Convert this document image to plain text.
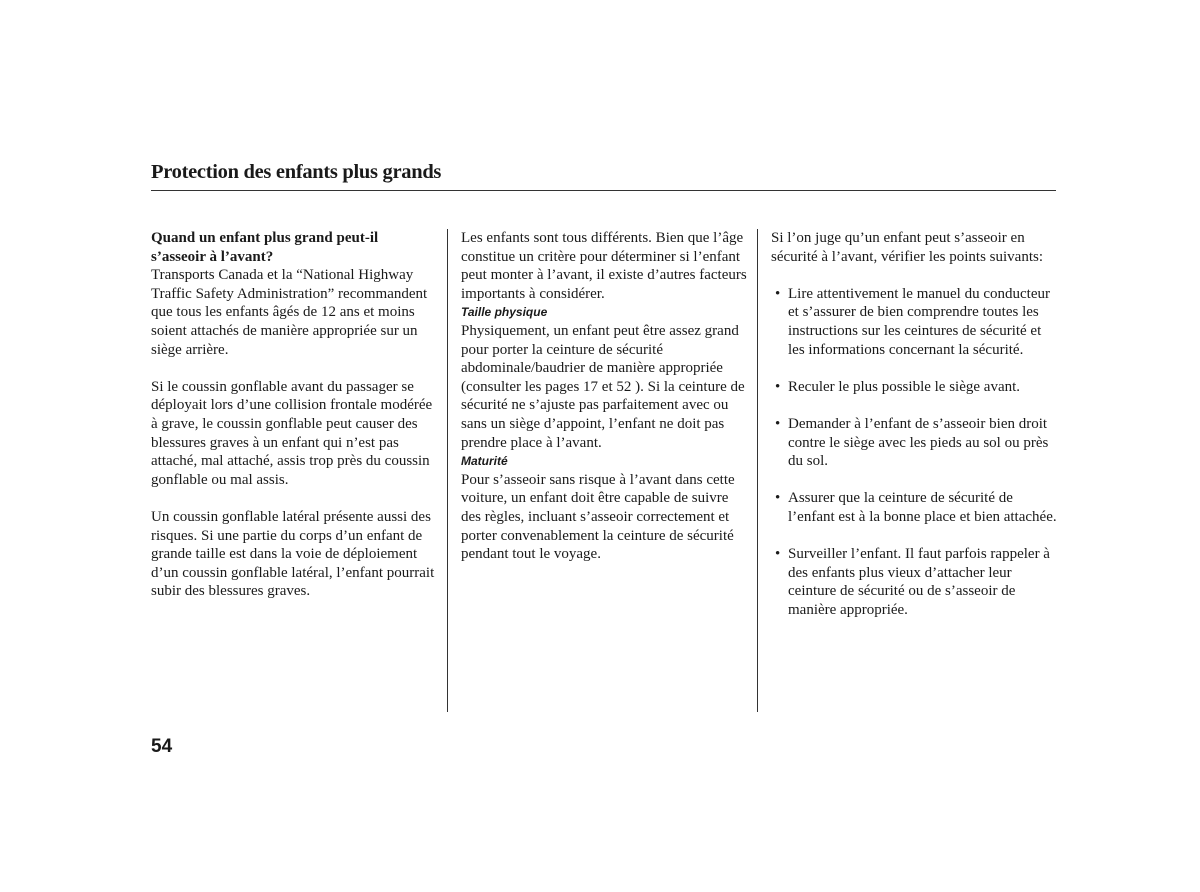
Protection des enfants plus grands

Quand un enfant plus grand peut-il s’asseoir à l’avant?

Transports Canada et la “National Highway Traffic Safety Administration” recommandent que tous les enfants âgés de 12 ans et moins soient attachés de manière appropriée sur un siège arrière.

Si le coussin gonflable avant du passager se déployait lors d’une collision frontale modérée à grave, le coussin gonflable peut causer des blessures graves à un enfant qui n’est pas attaché, mal attaché, assis trop près du coussin gonflable ou mal assis.

Un coussin gonflable latéral présente aussi des risques. Si une partie du corps d’un enfant de grande taille est dans la voie de déploiement d’un coussin gonflable latéral, l’enfant pourrait subir des blessures graves.

Les enfants sont tous différents. Bien que l’âge constitue un critère pour déterminer si l’enfant peut monter à l’avant, il existe d’autres facteurs importants à considérer.

Taille physique

Physiquement, un enfant peut être assez grand pour porter la ceinture de sécurité abdominale/baudrier de manière appropriée (consulter les pages 17 et 52 ). Si la ceinture de sécurité ne s’ajuste pas parfaitement avec ou sans un siège d’appoint, l’enfant ne doit pas prendre place à l’avant.

Maturité

Pour s’asseoir sans risque à l’avant dans cette voiture, un enfant doit être capable de suivre des règles, incluant s’asseoir correctement et porter convenablement la ceinture de sécurité pendant tout le voyage.

Si l’on juge qu’un enfant peut s’asseoir en sécurité à l’avant, vérifier les points suivants:

• Lire attentivement le manuel du conducteur et s’assurer de bien comprendre toutes les instructions sur les ceintures de sécurité et les informations concernant la sécurité.
• Reculer le plus possible le siège avant.
• Demander à l’enfant de s’asseoir bien droit contre le siège avec les pieds au sol ou près du sol.
• Assurer que la ceinture de sécurité de l’enfant est à la bonne place et bien attachée.
• Surveiller l’enfant. Il faut parfois rappeler à des enfants plus vieux d’attacher leur ceinture de sécurité ou de s’asseoir de manière appropriée.
54
